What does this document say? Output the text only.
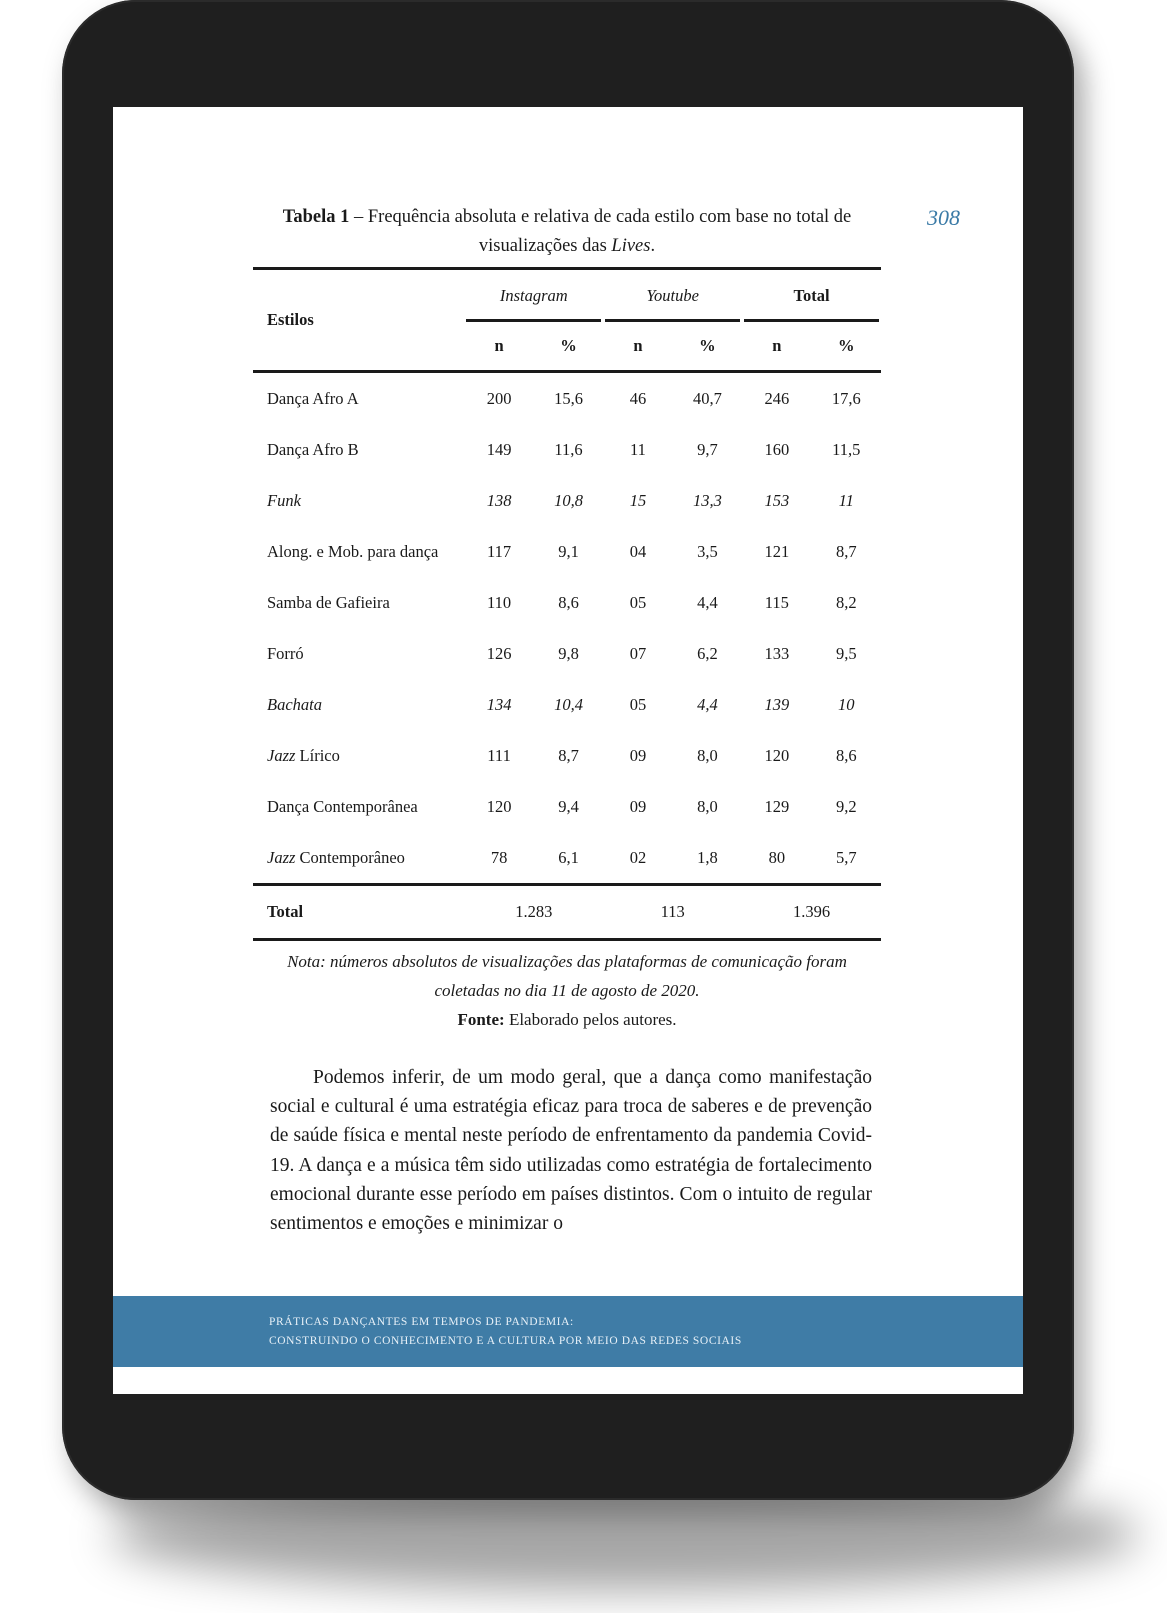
308
Tabela 1 – Frequência absoluta e relativa de cada estilo com base no total de visualizações das Lives.
Estilos	Instagram		Youtube		Total	

	n	%	n	%	n	%
Dança Afro A	200	15,6	46	40,7	246	17,6
Dança Afro B	149	11,6	11	9,7	160	11,5
Funk	138	10,8	15	13,3	153	11
Along. e Mob. para dança	117	9,1	04	3,5	121	8,7
Samba de Gafieira	110	8,6	05	4,4	115	8,2
Forró	126	9,8	07	6,2	133	9,5
Bachata	134	10,4	05	4,4	139	10
Jazz Lírico	111	8,7	09	8,0	120	8,6
Dança Contemporânea	120	9,4	09	8,0	129	9,2
Jazz Contemporâneo	78	6,1	02	1,8	80	5,7
Total	1.283		113		1.396	
Nota: números absolutos de visualizações das plataformas de comunicação foram coletadas no dia 11 de agosto de 2020.
Fonte: Elaborado pelos autores.

Podemos inferir, de um modo geral, que a dança como manifestação social e cultural é uma estratégia eficaz para troca de saberes e de prevenção de saúde física e mental neste período de enfrentamento da pandemia Covid-19. A dança e a música têm sido utilizadas como estratégia de fortalecimento emocional durante esse período em países distintos. Com o intuito de regular sentimentos e emoções e minimizar o

PRÁTICAS DANÇANTES EM TEMPOS DE PANDEMIA:
CONSTRUINDO O CONHECIMENTO E A CULTURA POR MEIO DAS REDES SOCIAIS
